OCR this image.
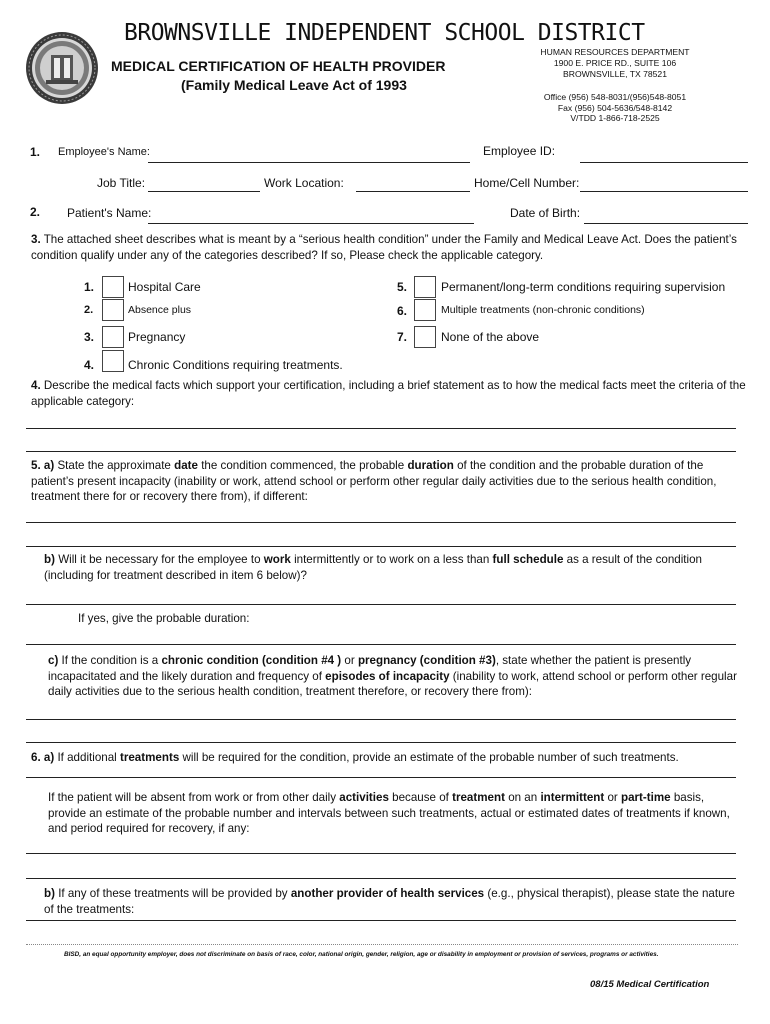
BROWNSVILLE INDEPENDENT SCHOOL DISTRICT
MEDICAL CERTIFICATION OF HEALTH PROVIDER
(Family Medical Leave Act of 1993
HUMAN RESOURCES DEPARTMENT
1900 E. PRICE RD., SUITE 106
BROWNSVILLE, TX 78521
Office (956) 548-8031/(956)548-8051
Fax (956) 504-5636/548-8142
V/TDD 1-866-718-2525
1. Employee's Name:	Employee ID:
Job Title:	Work Location:	Home/Cell Number:
2. Patient's Name:	Date of Birth:
3. The attached sheet describes what is meant by a “serious health condition” under the Family and Medical Leave Act. Does the patient’s condition qualify under any of the categories described? If so, Please check the applicable category.
1.	Hospital Care
2.	Absence plus
3.	Pregnancy
4.	Chronic Conditions requiring treatments.
5.	Permanent/long-term conditions requiring supervision
6.	Multiple treatments (non-chronic conditions)
7.	None of the above
4. Describe the medical facts which support your certification, including a brief statement as to how the medical facts meet the criteria of the applicable category:
5. a) State the approximate date the condition commenced, the probable duration of the condition and the probable duration of the patient’s present incapacity (inability or work, attend school or perform other regular daily activities due to the serious health condition, treatment there for or recovery there from), if different:
b) Will it be necessary for the employee to work intermittently or to work on a less than full schedule as a result of the condition (including for treatment described in item 6 below)?
If yes, give the probable duration:
c) If the condition is a chronic condition (condition #4 ) or pregnancy (condition #3), state whether the patient is presently incapacitated and the likely duration and frequency of episodes of incapacity (inability to work, attend school or perform other regular daily activities due to the serious health condition, treatment therefore, or recovery there from):
6. a) If additional treatments will be required for the condition, provide an estimate of the probable number of such treatments.
If the patient will be absent from work or from other daily activities because of treatment on an intermittent or part-time basis, provide an estimate of the probable number and intervals between such treatments, actual or estimated dates of treatments if known, and period required for recovery, if any:
b) If any of these treatments will be provided by another provider of health services (e.g., physical therapist), please state the nature of the treatments:
BISD, an equal opportunity employer, does not discriminate on basis of race, color, national origin, gender, religion, age or disability in employment or provision of services, programs or activities.
08/15 Medical Certification
